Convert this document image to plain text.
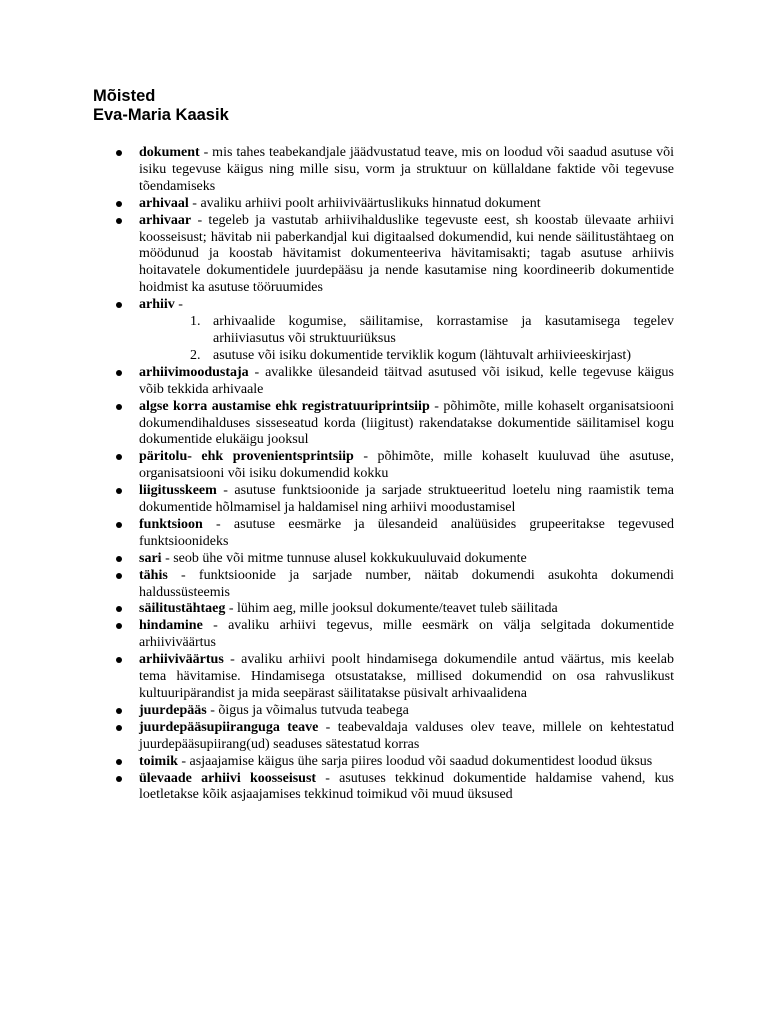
Mõisted
Eva-Maria Kaasik
dokument - mis tahes teabekandjale jäädvustatud teave, mis on loodud või saadud asutuse või isiku tegevuse käigus ning mille sisu, vorm ja struktuur on küllaldane faktide või tegevuse tõendamiseks
arhivaal - avaliku arhiivi poolt arhiiviväärtuslikuks hinnatud dokument
arhivaar - tegeleb ja vastutab arhiivihalduslike tegevuste eest, sh koostab ülevaate arhiivi koosseisust; hävitab nii paberkandjal kui digitaalsed dokumendid, kui nende säilitustähtaeg on möödunud ja koostab hävitamist dokumenteeriva hävitamisakti; tagab asutuse arhiivis hoitavatele dokumentidele juurdepääsu ja nende kasutamise ning koordineerib dokumentide hoidmist ka asutuse tööruumides
arhiiv -
1. arhivaalide kogumise, säilitamise, korrastamise ja kasutamisega tegelev arhiiviasutus või struktuuriüksus
2. asutuse või isiku dokumentide terviklik kogum (lähtuvalt arhiivieeskirjast)
arhiivimoodustaja - avalikke ülesandeid täitvad asutused või isikud, kelle tegevuse käigus võib tekkida arhivaale
algse korra austamise ehk registratuuriprintsiip - põhimõte, mille kohaselt organisatsiooni dokumendihalduses sisseseatud korda (liigitust) rakendatakse dokumentide säilitamisel kogu dokumentide elukäigu jooksul
päritolu- ehk provenientsprintsiip - põhimõte, mille kohaselt kuuluvad ühe asutuse, organisatsiooni või isiku dokumendid kokku
liigitusskeem - asutuse funktsioonide ja sarjade struktueeritud loetelu ning raamistik tema dokumentide hõlmamisel ja haldamisel ning arhiivi moodustamisel
funktsioon - asutuse eesmärke ja ülesandeid analüüsides grupeeritakse tegevused funktsioonideks
sari - seob ühe või mitme tunnuse alusel kokkukuuluvaid dokumente
tähis - funktsioonide ja sarjade number, näitab dokumendi asukohta dokumendi haldussüsteemis
säilitustähtaeg - lühim aeg, mille jooksul dokumente/teavet tuleb säilitada
hindamine - avaliku arhiivi tegevus, mille eesmärk on välja selgitada dokumentide arhiiviväärtus
arhiiviväärtus - avaliku arhiivi poolt hindamisega dokumendile antud väärtus, mis keelab tema hävitamise. Hindamisega otsustatakse, millised dokumendid on osa rahvuslikust kultuuripärandist ja mida seepärast säilitatakse püsivalt arhivaalidena
juurdepääs - õigus ja võimalus tutvuda teabega
juurdepääsupiiranguga teave - teabevaldaja valduses olev teave, millele on kehtestatud juurdepääsupiirang(ud) seaduses sätestatud korras
toimik - asjaajamise käigus ühe sarja piires loodud või saadud dokumentidest loodud üksus
ülevaade arhiivi koosseisust - asutuses tekkinud dokumentide haldamise vahend, kus loetletakse kõik asjaajamises tekkinud toimikud või muud üksused
